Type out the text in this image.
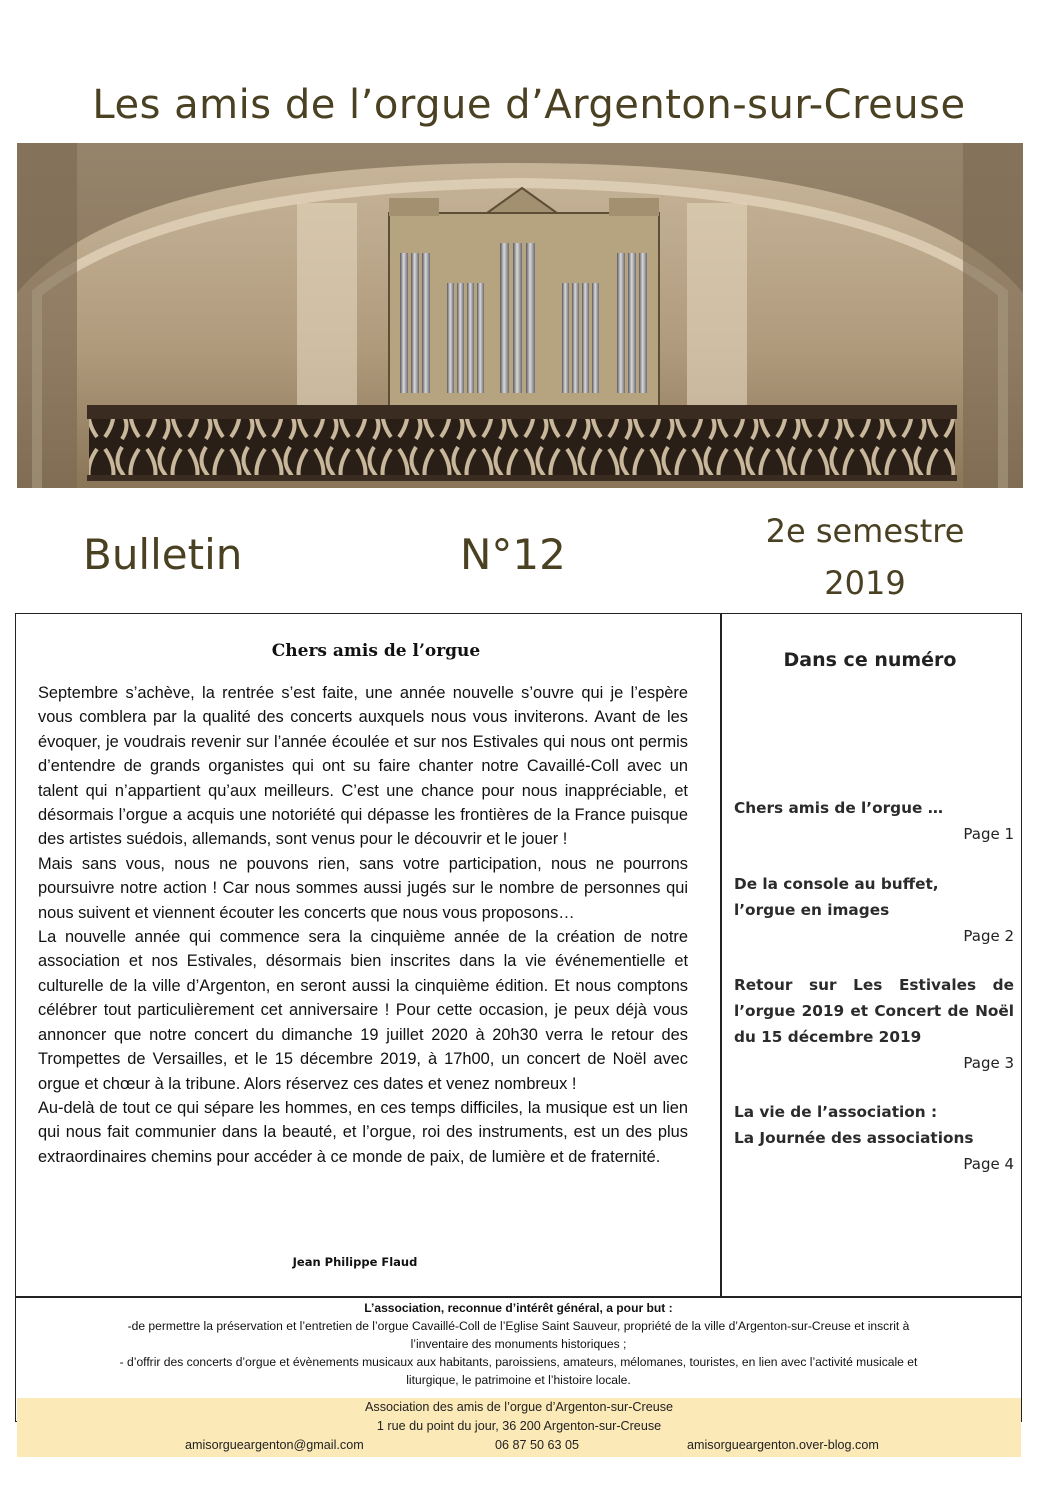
Les amis de l’orgue d’Argenton-sur-Creuse
Bulletin	N°12	2e semestre
2019
Chers amis de l’orgue

Septembre s’achève, la rentrée s’est faite, une année nouvelle s’ouvre qui je l’espère vous comblera par la qualité des concerts auxquels nous vous inviterons. Avant de les évoquer, je voudrais revenir sur l’année écoulée et sur nos Estivales qui nous ont permis d’entendre de grands organistes qui ont su faire chanter notre Cavaillé-Coll avec un talent qui n’appartient qu’aux meilleurs. C’est une chance pour nous inappréciable, et désormais l’orgue a acquis une notoriété qui dépasse les frontières de la France puisque des artistes suédois, allemands, sont venus pour le découvrir et le jouer !

Mais sans vous, nous ne pouvons rien, sans votre participation, nous ne pourrons poursuivre notre action ! Car nous sommes aussi jugés sur le nombre de personnes qui nous suivent et viennent écouter les concerts que nous vous proposons…

La nouvelle année qui commence sera la cinquième année de la création de notre association et nos Estivales, désormais bien inscrites dans la vie événementielle et culturelle de la ville d’Argenton, en seront aussi la cinquième édition. Et nous comptons célébrer tout particulièrement cet anniversaire ! Pour cette occasion, je peux déjà vous annoncer que notre concert du dimanche 19 juillet 2020 à 20h30 verra le retour des Trompettes de Versailles, et le 15 décembre 2019, à 17h00, un concert de Noël avec orgue et chœur à la tribune. Alors réservez ces dates et venez nombreux !

Au-delà de tout ce qui sépare les hommes, en ces temps difficiles, la musique est un lien qui nous fait communier dans la beauté, et l’orgue, roi des instruments, est un des plus extraordinaires chemins pour accéder à ce monde de paix, de lumière et de fraternité.

Jean Philippe Flaud
Dans ce numéro
Chers amis de l’orgue …
Page 1
De la console au buffet,
l’orgue en images
Page 2
Retour sur Les Estivales de l’orgue 2019 et Concert de Noël du 15 décembre 2019
Page 3
La vie de l’association :
La Journée des associations
Page 4
L’association, reconnue d’intérêt général, a pour but :
-de permettre la préservation et l’entretien de l’orgue Cavaillé-Coll de l’Eglise Saint Sauveur, propriété de la ville d’Argenton-sur-Creuse et inscrit à
l’inventaire des monuments historiques ;
- d’offrir des concerts d’orgue et évènements musicaux aux habitants, paroissiens, amateurs, mélomanes, touristes, en lien avec l’activité musicale et
liturgique, le patrimoine et l’histoire locale.
Association des amis de l’orgue d’Argenton-sur-Creuse
1 rue du point du jour, 36 200 Argenton-sur-Creuse
amisorgueargenton@gmail.com	06 87 50 63 05	amisorgueargenton.over-blog.com
